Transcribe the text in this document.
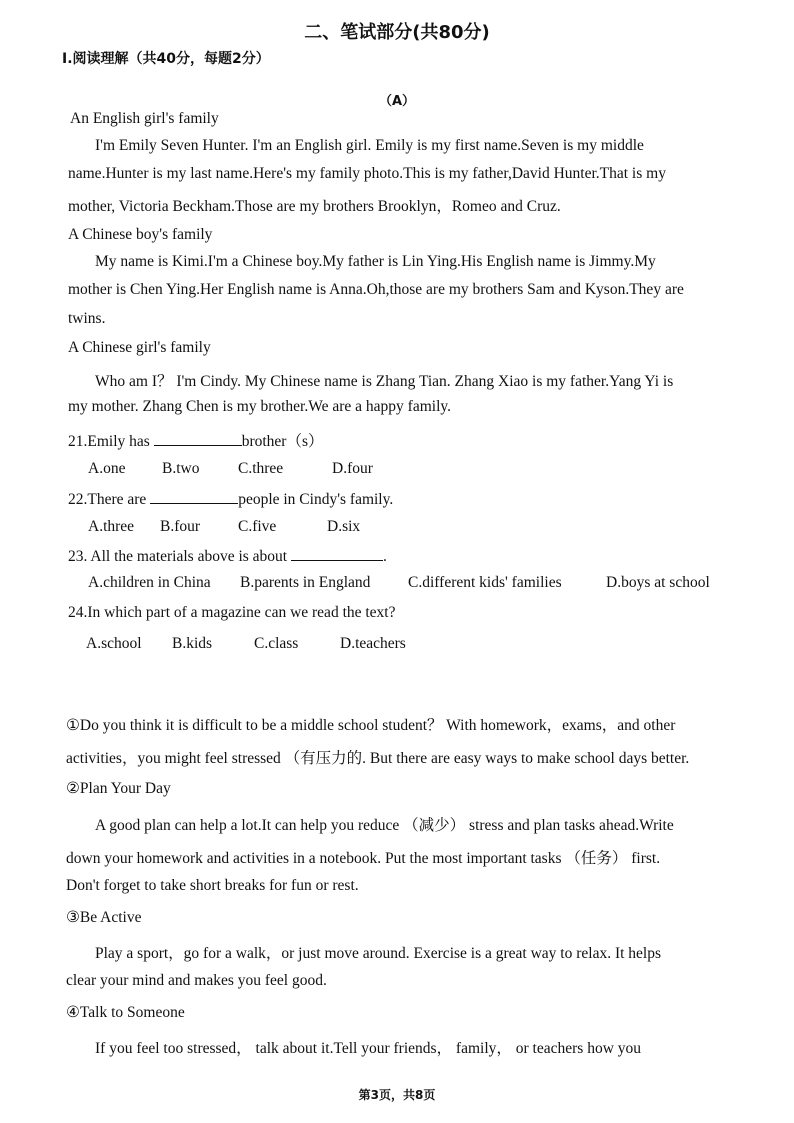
二、笔试部分(共80分)
I.阅读理解（共40分，每题2分）
（A）
An English girl's family
I'm Emily Seven Hunter. I'm an English girl. Emily is my first name.Seven is my middle
name.Hunter is my last name.Here's my family photo.This is my father,David Hunter.That is my
mother, Victoria Beckham.Those are my brothers Brooklyn，Romeo and Cruz.
A Chinese boy's family
My name is Kimi.I'm a Chinese boy.My father is Lin Ying.His English name is Jimmy.My
mother is Chen Ying.Her English name is Anna.Oh,those are my brothers Sam and Kyson.They are
twins.
A Chinese girl's family
Who am I？ I'm Cindy. My Chinese name is Zhang Tian. Zhang Xiao is my father.Yang Yi is
my mother. Zhang Chen is my brother.We are a happy family.
21.Emily has	brother（s）
A.one B.two C.three	D.four
22.There are	people in Cindy's family.
A.three B.four C.five	D.six
23. All the materials above is about	.
A.children in China B.parents in England C.different kids' families	D.boys at school
24.In which part of a magazine can we read the text?
A.school B.kids	C.class	D.teachers
①Do you think it is difficult to be a middle school student？ With homework，exams，and other
activities，you might feel stressed （有压力的. But there are easy ways to make school days better.
②Plan Your Day
A good plan can help a lot.It can help you reduce （减少） stress and plan tasks ahead.Write
down your homework and activities in a notebook. Put the most important tasks （任务） first.
Don't forget to take short breaks for fun or rest.
③Be Active
Play a sport，go for a walk，or just move around. Exercise is a great way to relax. It helps
clear your mind and makes you feel good.
④Talk to Someone
If you feel too stressed， talk about it.Tell your friends， family， or teachers how you
第3页，共8页
